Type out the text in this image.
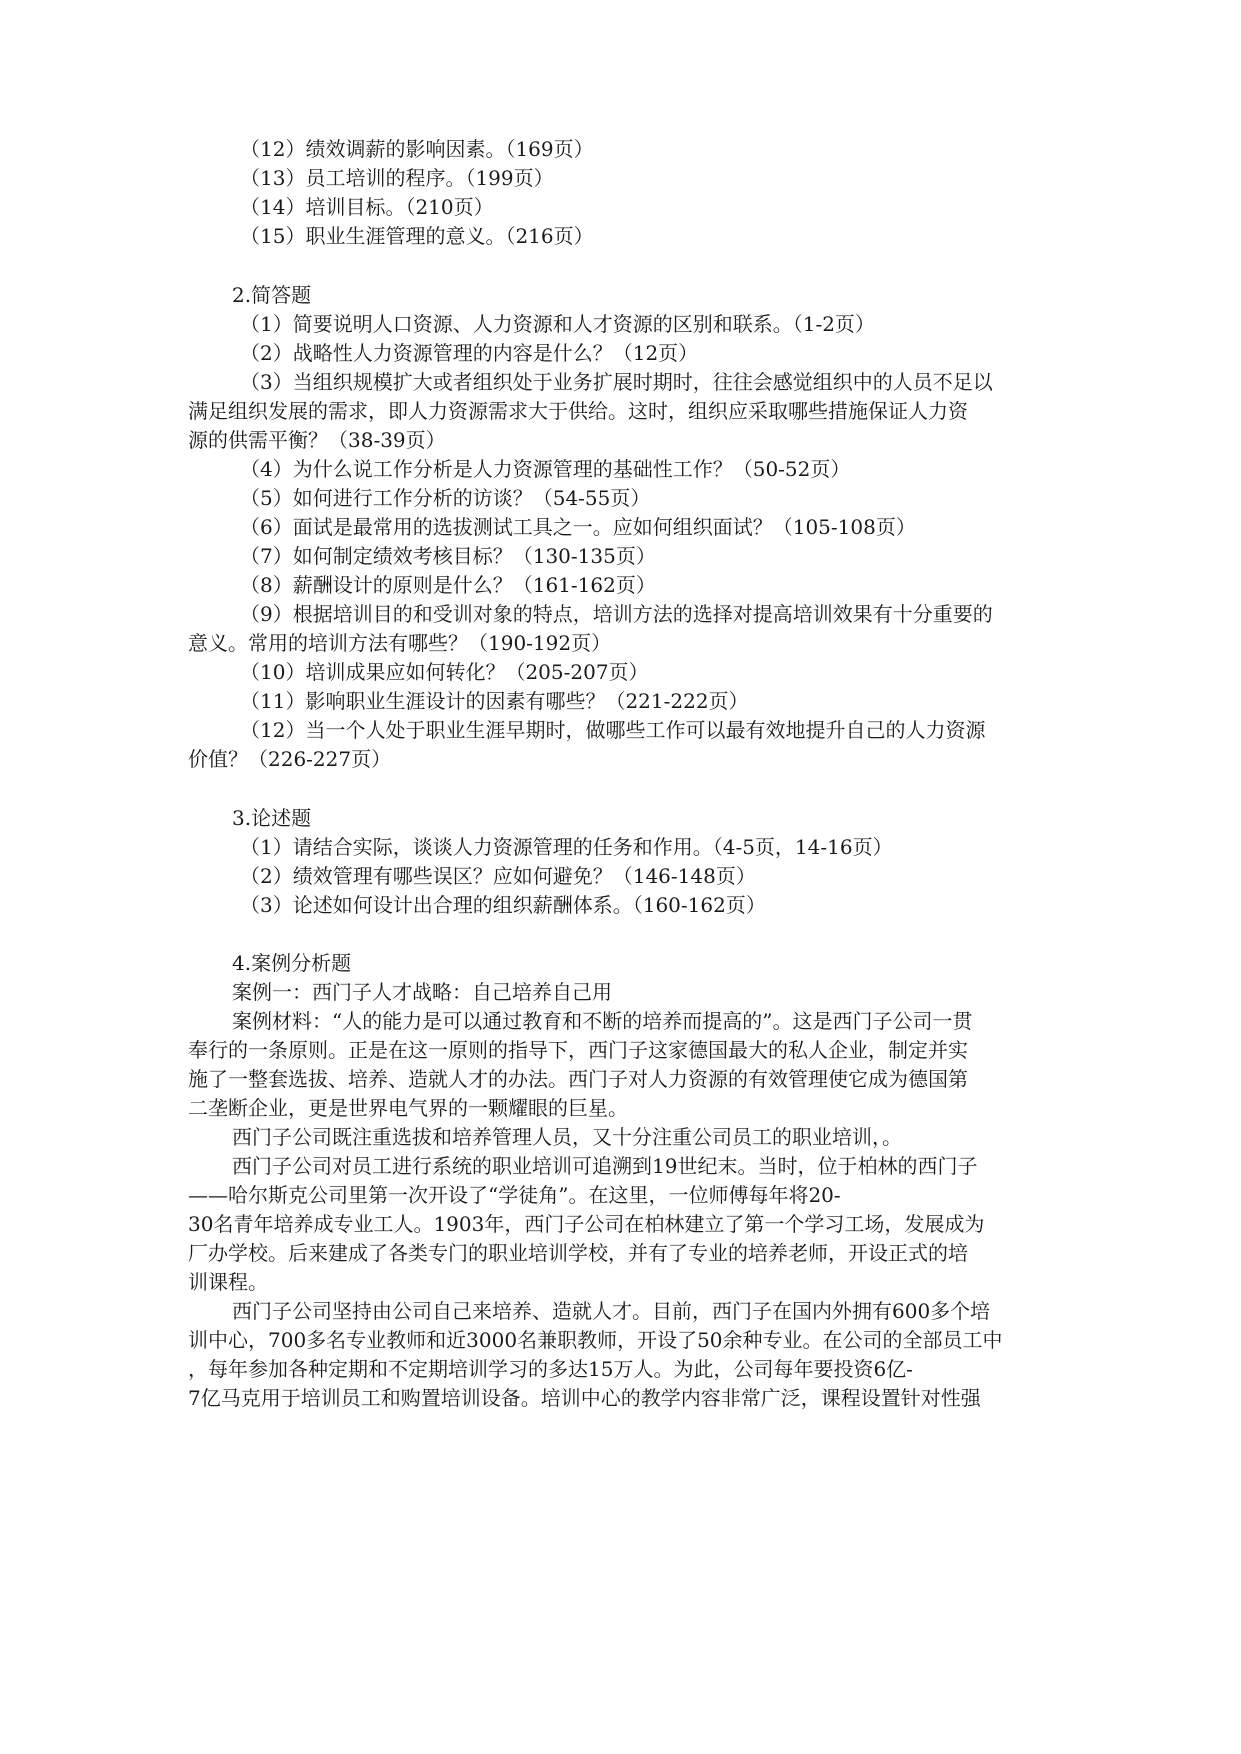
（12）绩效调薪的影响因素。（169页）
（13）员工培训的程序。（199页）
（14）培训目标。（210页）
（15）职业生涯管理的意义。（216页）
2.简答题
（1）简要说明人口资源、人力资源和人才资源的区别和联系。（1-2页）
（2）战略性人力资源管理的内容是什么？（12页）
（3）当组织规模扩大或者组织处于业务扩展时期时，往往会感觉组织中的人员不足以
满足组织发展的需求，即人力资源需求大于供给。这时，组织应采取哪些措施保证人力资
源的供需平衡？（38-39页）
（4）为什么说工作分析是人力资源管理的基础性工作？（50-52页）
（5）如何进行工作分析的访谈？（54-55页）
（6）面试是最常用的选拔测试工具之一。应如何组织面试？（105-108页）
（7）如何制定绩效考核目标？（130-135页）
（8）薪酬设计的原则是什么？（161-162页）
（9）根据培训目的和受训对象的特点，培训方法的选择对提高培训效果有十分重要的
意义。常用的培训方法有哪些？（190-192页）
（10）培训成果应如何转化？（205-207页）
（11）影响职业生涯设计的因素有哪些？（221-222页）
（12）当一个人处于职业生涯早期时，做哪些工作可以最有效地提升自己的人力资源
价值？（226-227页）
3.论述题
（1）请结合实际，谈谈人力资源管理的任务和作用。（4-5页，14-16页）
（2）绩效管理有哪些误区？应如何避免？（146-148页）
（3）论述如何设计出合理的组织薪酬体系。（160-162页）
4.案例分析题
案例一：西门子人才战略：自己培养自己用
案例材料：“人的能力是可以通过教育和不断的培养而提高的”。这是西门子公司一贯
奉行的一条原则。正是在这一原则的指导下，西门子这家德国最大的私人企业，制定并实
施了一整套选拔、培养、造就人才的办法。西门子对人力资源的有效管理使它成为德国第
二垄断企业，更是世界电气界的一颗耀眼的巨星。
西门子公司既注重选拔和培养管理人员，又十分注重公司员工的职业培训，。
西门子公司对员工进行系统的职业培训可追溯到19世纪末。当时，位于柏林的西门子
——哈尔斯克公司里第一次开设了“学徒角”。在这里，一位师傅每年将20-
30名青年培养成专业工人。1903年，西门子公司在柏林建立了第一个学习工场，发展成为
厂办学校。后来建成了各类专门的职业培训学校，并有了专业的培养老师，开设正式的培
训课程。
西门子公司坚持由公司自己来培养、造就人才。目前，西门子在国内外拥有600多个培
训中心，700多名专业教师和近3000名兼职教师，开设了50余种专业。在公司的全部员工中
，每年参加各种定期和不定期培训学习的多达15万人。为此，公司每年要投资6亿-
7亿马克用于培训员工和购置培训设备。培训中心的教学内容非常广泛，课程设置针对性强
